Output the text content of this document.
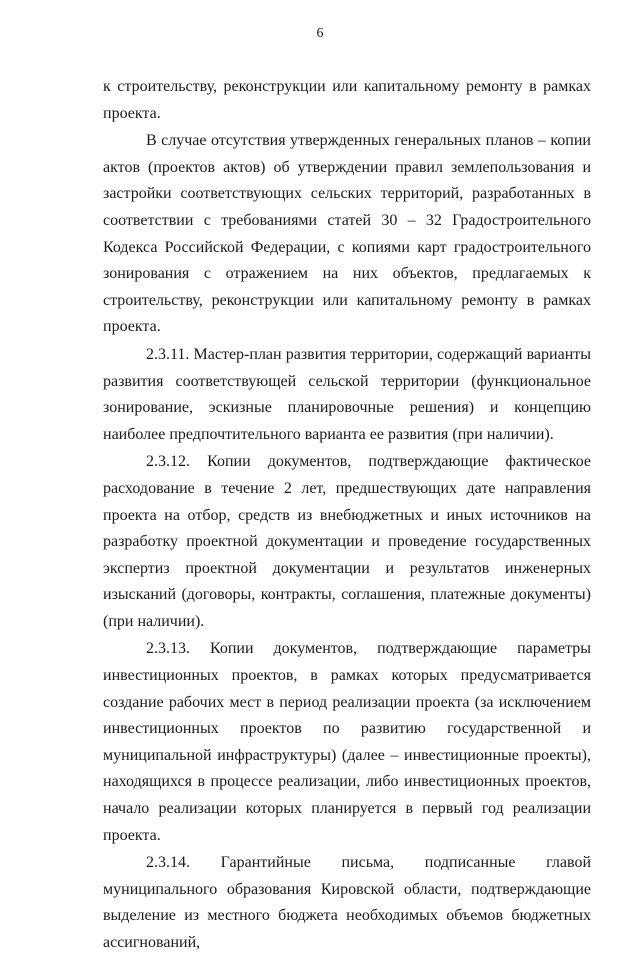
6

к строительству, реконструкции или капитальному ремонту в рамках проекта.

В случае отсутствия утвержденных генеральных планов – копии актов (проектов актов) об утверждении правил землепользования и застройки соответствующих сельских территорий, разработанных в соответствии с требованиями статей 30 – 32 Градостроительного Кодекса Российской Федерации, с копиями карт градостроительного зонирования с отражением на них объектов, предлагаемых к строительству, реконструкции или капитальному ремонту в рамках проекта.

2.3.11. Мастер-план развития территории, содержащий варианты развития соответствующей сельской территории (функциональное зонирование, эскизные планировочные решения) и концепцию наиболее предпочтительного варианта ее развития (при наличии).

2.3.12. Копии документов, подтверждающие фактическое расходование в течение 2 лет, предшествующих дате направления проекта на отбор, средств из внебюджетных и иных источников на разработку проектной документации и проведение государственных экспертиз проектной документации и результатов инженерных изысканий (договоры, контракты, соглашения, платежные документы) (при наличии).

2.3.13. Копии документов, подтверждающие параметры инвестиционных проектов, в рамках которых предусматривается создание рабочих мест в период реализации проекта (за исключением инвестиционных проектов по развитию государственной и муниципальной инфраструктуры) (далее – инвестиционные проекты), находящихся в процессе реализации, либо инвестиционных проектов, начало реализации которых планируется в первый год реализации проекта.

2.3.14. Гарантийные письма, подписанные главой муниципального образования Кировской области, подтверждающие выделение из местного бюджета необходимых объемов бюджетных ассигнований,
